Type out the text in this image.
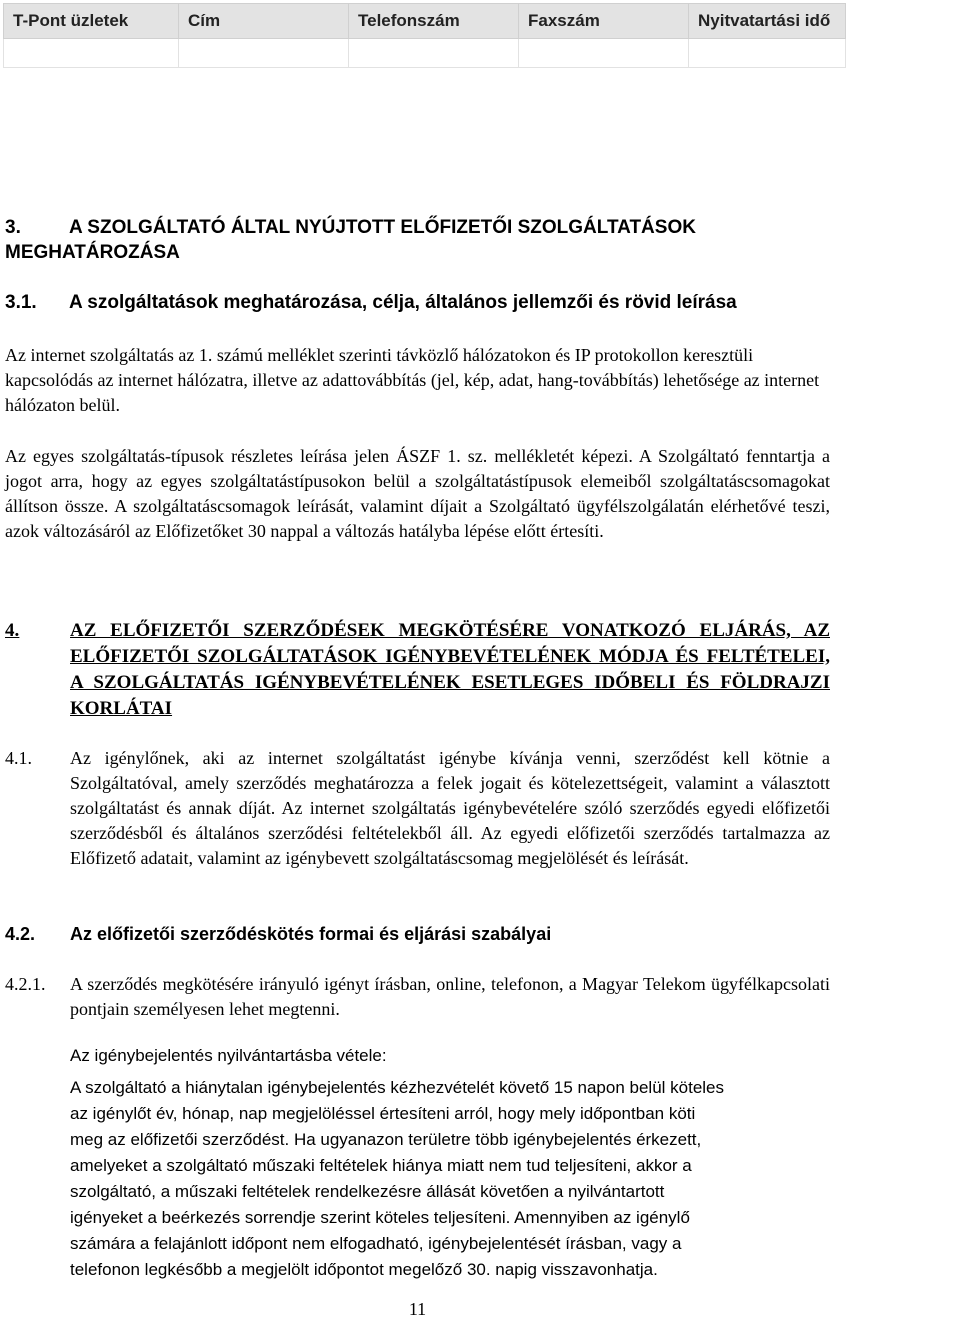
T-Pont üzletek	Cím	Telefonszám	Faxszám	Nyitvatartási idő

3.	A SZOLGÁLTATÓ ÁLTAL NYÚJTOTT ELŐFIZETŐI SZOLGÁLTATÁSOK
MEGHATÁROZÁSA
3.1. A szolgáltatások meghatározása, célja, általános jellemzői és rövid leírása

Az internet szolgáltatás az 1. számú melléklet szerinti távközlő hálózatokon és IP protokollon keresztüli kapcsolódás az internet hálózatra, illetve az adattovábbítás (jel, kép, adat, hang-továbbítás) lehetősége az internet hálózaton belül.

Az egyes szolgáltatás-típusok részletes leírása jelen ÁSZF 1. sz. mellékletét képezi. A Szolgáltató fenntartja a jogot arra, hogy az egyes szolgáltatástípusokon belül a szolgáltatástípusok elemeiből szolgáltatáscsomagokat állítson össze. A szolgáltatáscsomagok leírását, valamint díjait a Szolgáltató ügyfélszolgálatán elérhetővé teszi, azok változásáról az Előfizetőket 30 nappal a változás hatályba lépése előtt értesíti.

4.	AZ ELŐFIZETŐI SZERZŐDÉSEK MEGKÖTÉSÉRE VONATKOZÓ ELJÁRÁS, AZ ELŐFIZETŐI SZOLGÁLTATÁSOK IGÉNYBEVÉTELÉNEK MÓDJA ÉS FELTÉTELEI, A SZOLGÁLTATÁS IGÉNYBEVÉTELÉNEK ESETLEGES IDŐBELI ÉS FÖLDRAJZI KORLÁTAI
4.1.	Az igénylőnek, aki az internet szolgáltatást igénybe kívánja venni, szerződést kell kötnie a Szolgáltatóval, amely szerződés meghatározza a felek jogait és kötelezettségeit, valamint a választott szolgáltatást és annak díját. Az internet szolgáltatás igénybevételére szóló szerződés egyedi előfizetői szerződésből és általános szerződési feltételekből áll. Az egyedi előfizetői szerződés tartalmazza az Előfizető adatait, valamint az igénybevett szolgáltatáscsomag megjelölését és leírását.
4.2.	Az előfizetői szerződéskötés formai és eljárási szabályai
4.2.1.	A szerződés megkötésére irányuló igényt írásban, online, telefonon, a Magyar Telekom ügyfélkapcsolati pontjain személyesen lehet megtenni.
Az igénybejelentés nyilvántartásba vétele:
A szolgáltató a hiánytalan igénybejelentés kézhezvételét követő 15 napon belül köteles
az igénylőt év, hónap, nap megjelöléssel értesíteni arról, hogy mely időpontban köti
meg az előfizetői szerződést. Ha ugyanazon területre több igénybejelentés érkezett,
amelyeket a szolgáltató műszaki feltételek hiánya miatt nem tud teljesíteni, akkor a
szolgáltató, a műszaki feltételek rendelkezésre állását követően a nyilvántartott
igényeket a beérkezés sorrendje szerint köteles teljesíteni. Amennyiben az igénylő
számára a felajánlott időpont nem elfogadható, igénybejelentését írásban, vagy a
telefonon legkésőbb a megjelölt időpontot megelőző 30. napig visszavonhatja.
11
